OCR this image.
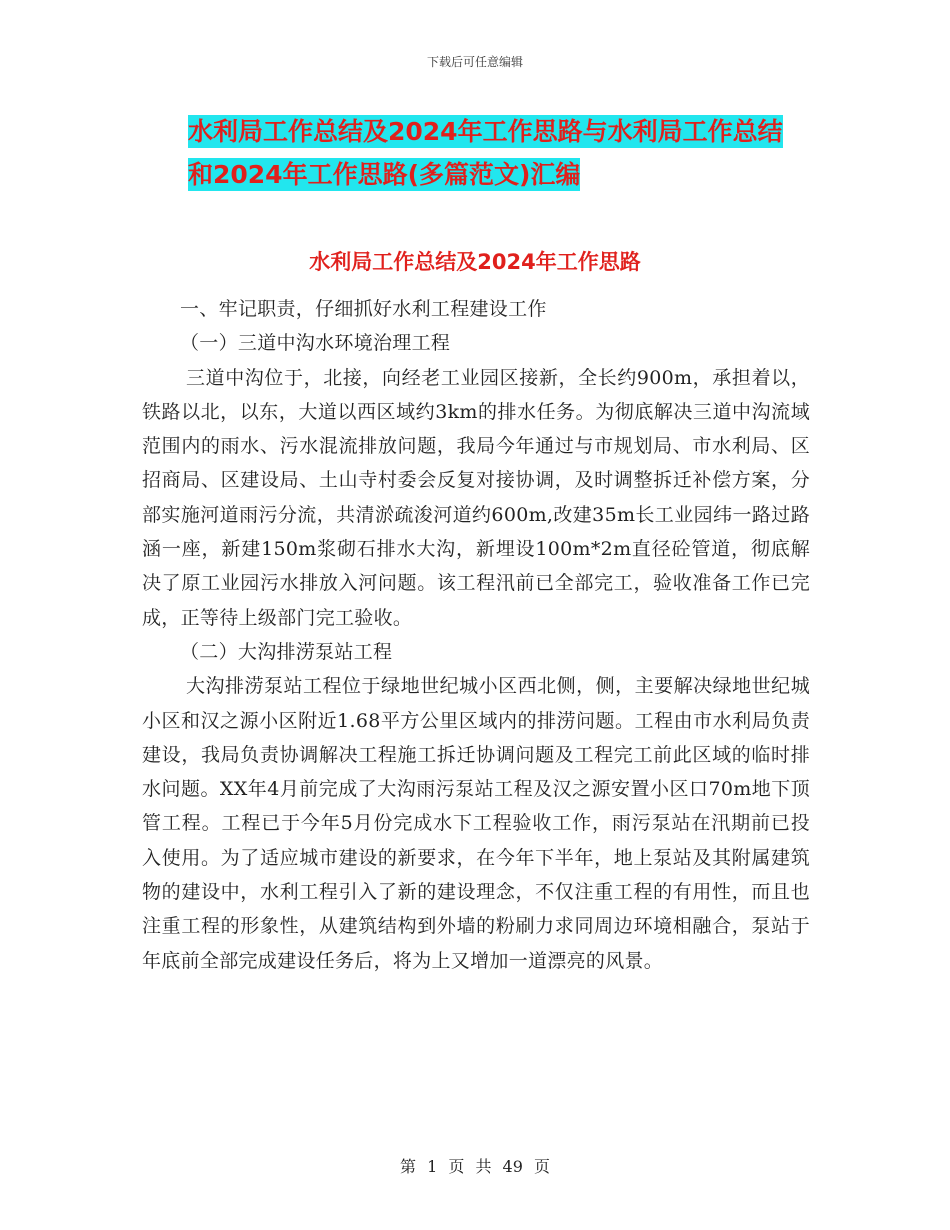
下载后可任意编辑
水利局工作总结及2024年工作思路与水利局工作总结
和2024年工作思路(多篇范文)汇编
水利局工作总结及2024年工作思路

一、牢记职责，仔细抓好水利工程建设工作

（一）三道中沟水环境治理工程

三道中沟位于，北接，向经老工业园区接新，全长约900m，承担着以，铁路以北，以东，大道以西区域约3km的排水任务。为彻底解决三道中沟流域范围内的雨水、污水混流排放问题，我局今年通过与市规划局、市水利局、区招商局、区建设局、土山寺村委会反复对接协调，及时调整拆迁补偿方案，分部实施河道雨污分流，共清淤疏浚河道约600m,改建35m长工业园纬一路过路涵一座，新建150m浆砌石排水大沟，新埋设100m*2m直径砼管道，彻底解决了原工业园污水排放入河问题。该工程汛前已全部完工，验收准备工作已完成，正等待上级部门完工验收。

（二）大沟排涝泵站工程

大沟排涝泵站工程位于绿地世纪城小区西北侧，侧，主要解决绿地世纪城小区和汉之源小区附近1.68平方公里区域内的排涝问题。工程由市水利局负责建设，我局负责协调解决工程施工拆迁协调问题及工程完工前此区域的临时排水问题。XX年4月前完成了大沟雨污泵站工程及汉之源安置小区口70m地下顶管工程。工程已于今年5月份完成水下工程验收工作，雨污泵站在汛期前已投入使用。为了适应城市建设的新要求，在今年下半年，地上泵站及其附属建筑物的建设中，水利工程引入了新的建设理念，不仅注重工程的有用性，而且也注重工程的形象性，从建筑结构到外墙的粉刷力求同周边环境相融合，泵站于年底前全部完成建设任务后，将为上又增加一道漂亮的风景。

第 1 页 共 49 页
